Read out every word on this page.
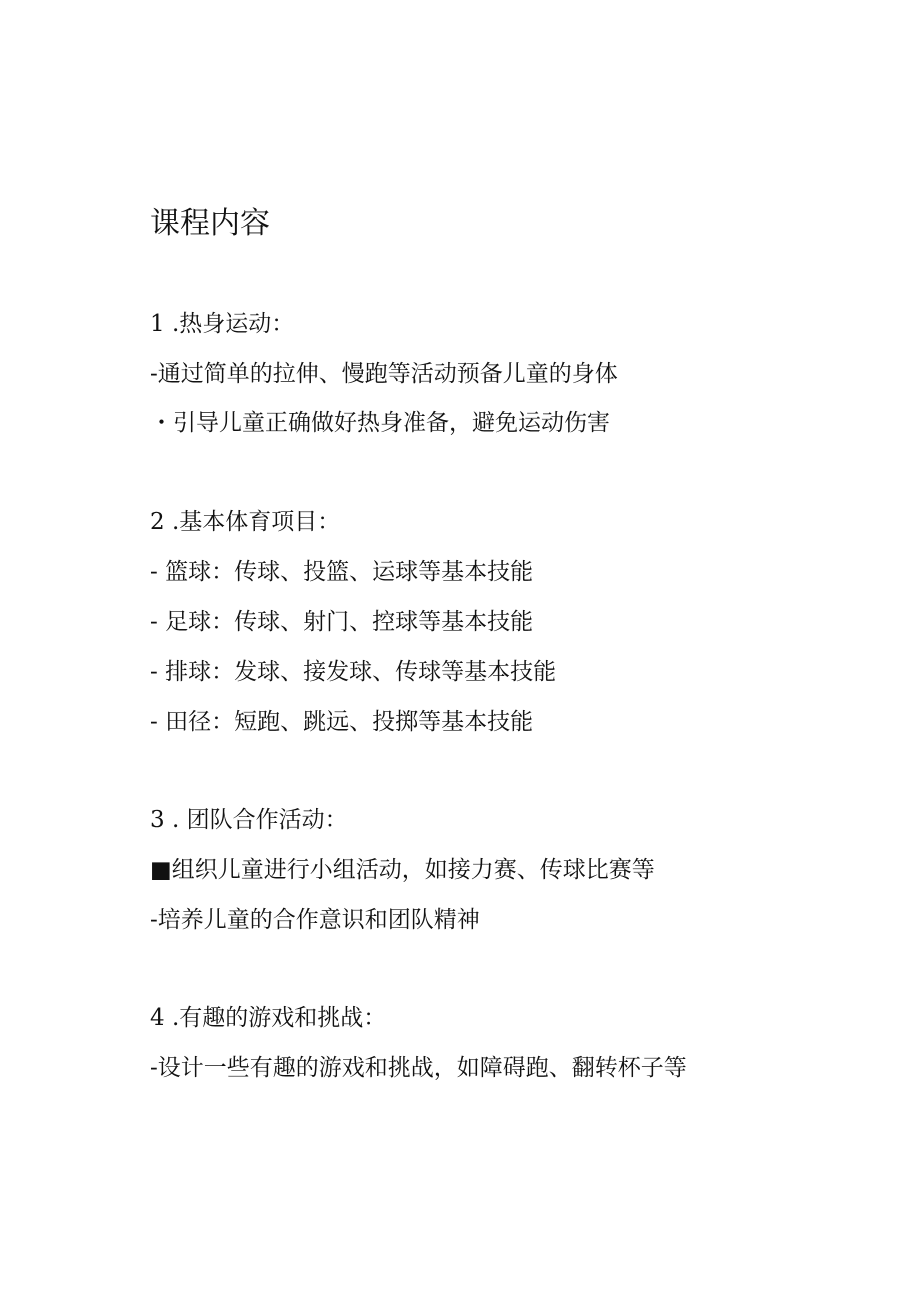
课程内容
1 .热身运动：
-通过简单的拉伸、慢跑等活动预备儿童的身体
・引导儿童正确做好热身准备，避免运动伤害
2 .基本体育项目：
- 篮球：传球、投篮、运球等基本技能
- 足球：传球、射门、控球等基本技能
- 排球：发球、接发球、传球等基本技能
- 田径：短跑、跳远、投掷等基本技能
3 . 团队合作活动：
■组织儿童进行小组活动，如接力赛、传球比赛等
-培养儿童的合作意识和团队精神
4 .有趣的游戏和挑战：
-设计一些有趣的游戏和挑战，如障碍跑、翻转杯子等
